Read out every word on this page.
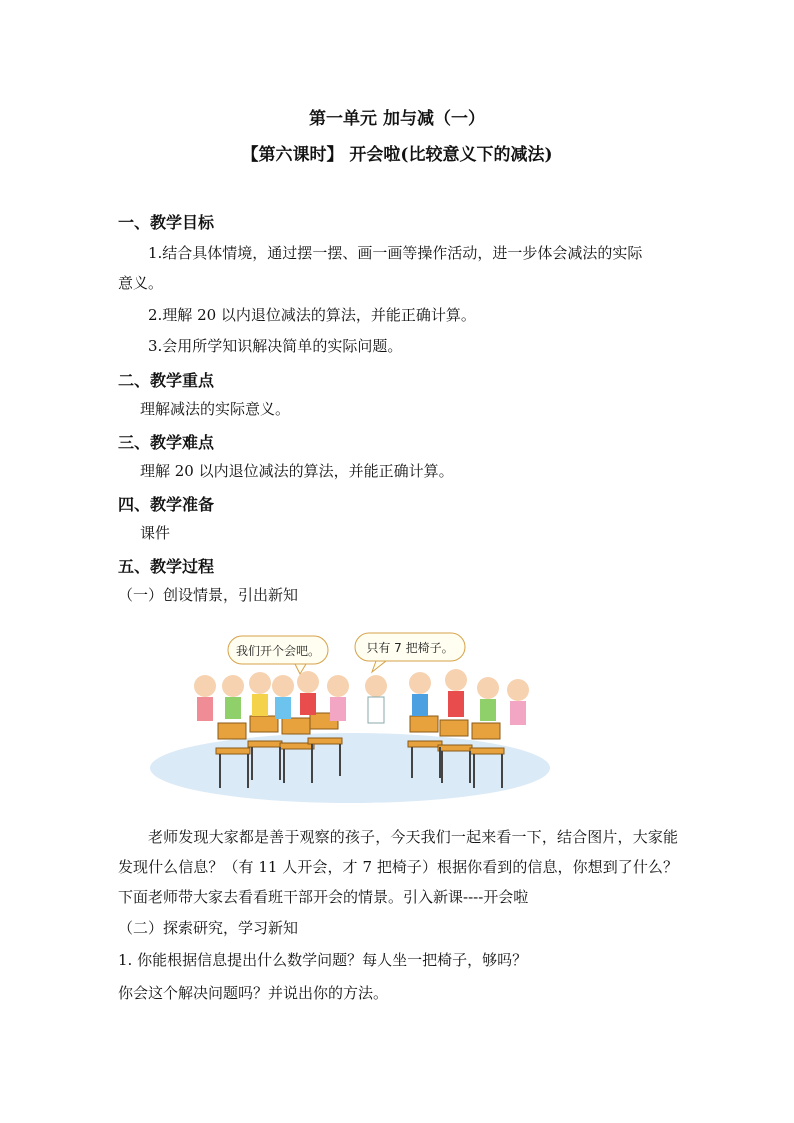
第一单元 加与减（一）
【第六课时】 开会啦(比较意义下的减法)
一、教学目标
1.结合具体情境，通过摆一摆、画一画等操作活动，进一步体会减法的实际
意义。
2.理解 20 以内退位减法的算法，并能正确计算。
3.会用所学知识解决简单的实际问题。
二、教学重点
理解减法的实际意义。
三、教学难点
理解 20 以内退位减法的算法，并能正确计算。
四、教学准备
课件
五、教学过程
（一）创设情景，引出新知
我们开个会吧。	只有 7 把椅子。
老师发现大家都是善于观察的孩子，今天我们一起来看一下，结合图片，大家能发现什么信息？（有 11 人开会，才 7 把椅子）根据你看到的信息，你想到了什么？下面老师带大家去看看班干部开会的情景。引入新课----开会啦
（二）探索研究，学习新知
1. 你能根据信息提出什么数学问题？每人坐一把椅子，够吗？
你会这个解决问题吗？并说出你的方法。
